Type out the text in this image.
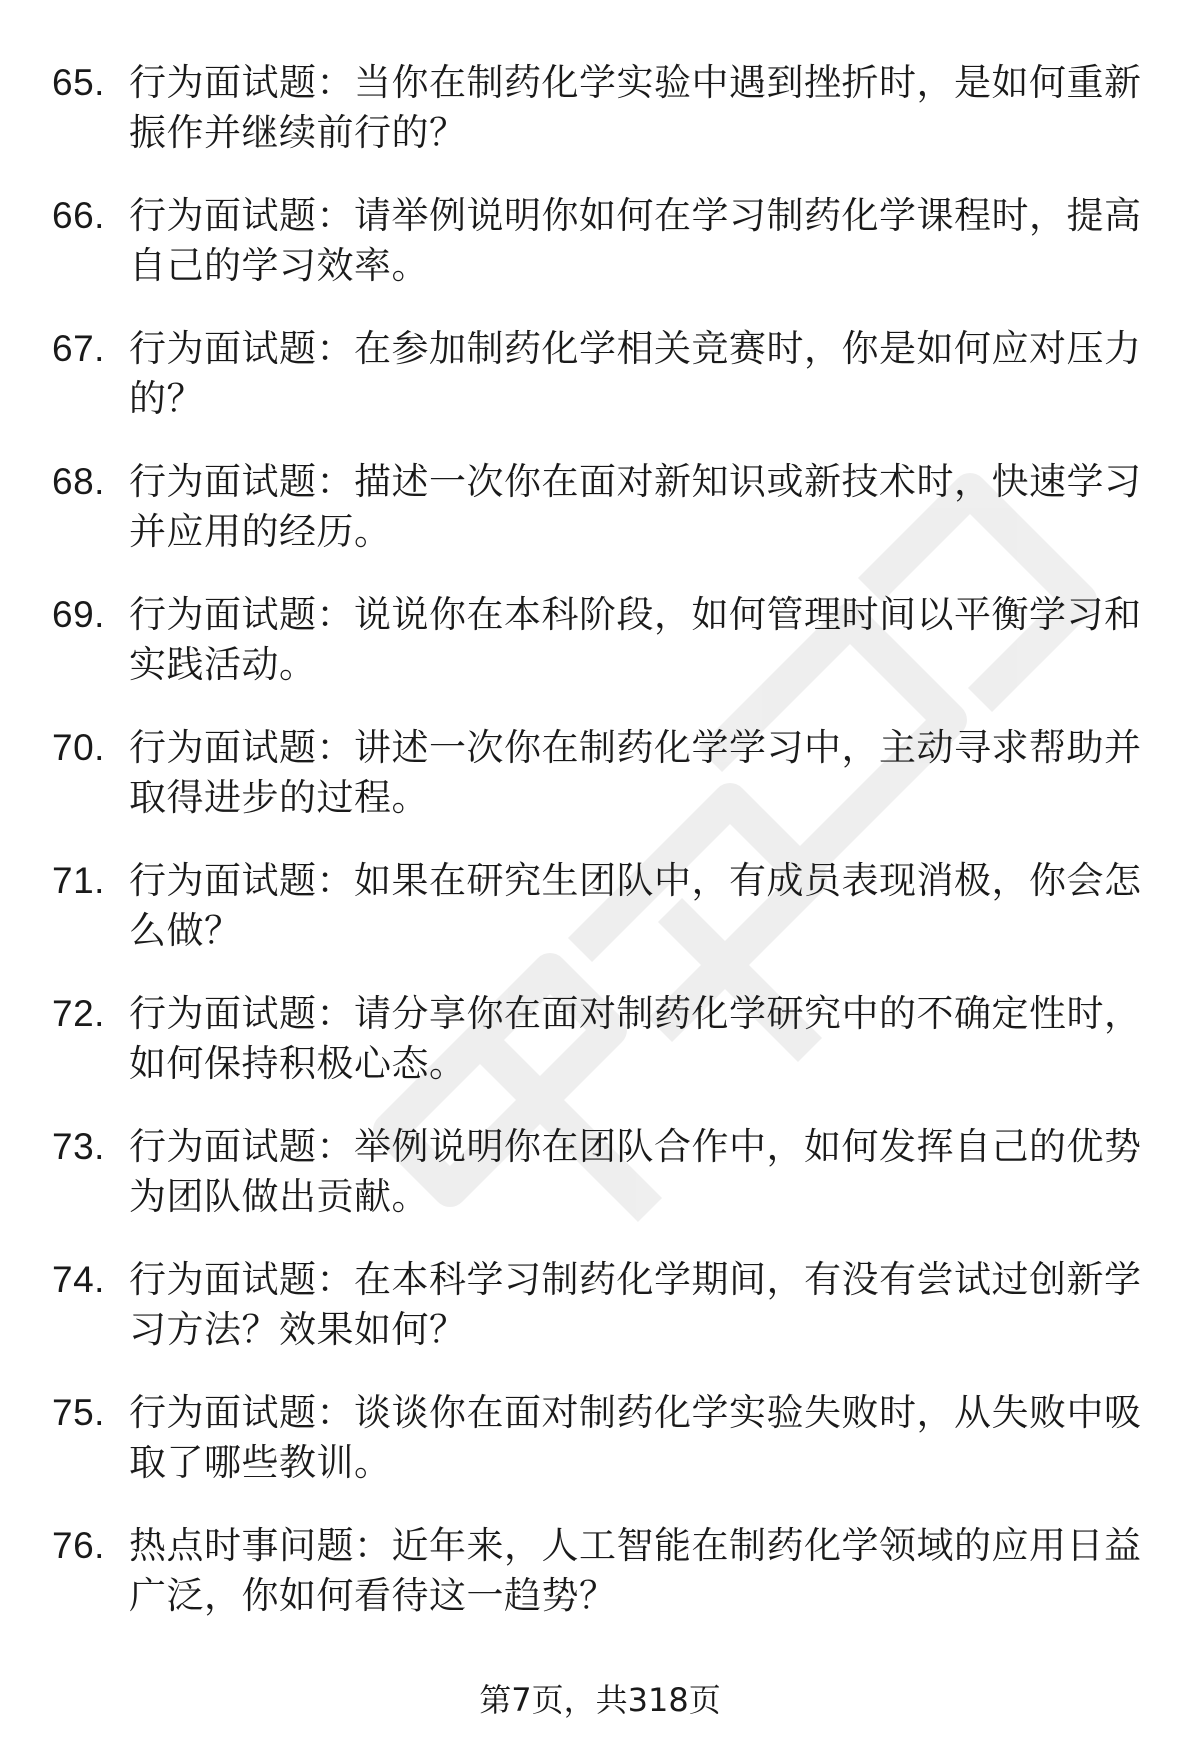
65. 行为面试题：当你在制药化学实验中遇到挫折时，是如何重新振作并继续前行的？
66. 行为面试题：请举例说明你如何在学习制药化学课程时，提高自己的学习效率。
67. 行为面试题：在参加制药化学相关竞赛时，你是如何应对压力的？
68. 行为面试题：描述一次你在面对新知识或新技术时，快速学习并应用的经历。
69. 行为面试题：说说你在本科阶段，如何管理时间以平衡学习和实践活动。
70. 行为面试题：讲述一次你在制药化学学习中，主动寻求帮助并取得进步的过程。
71. 行为面试题：如果在研究生团队中，有成员表现消极，你会怎么做？
72. 行为面试题：请分享你在面对制药化学研究中的不确定性时，如何保持积极心态。
73. 行为面试题：举例说明你在团队合作中，如何发挥自己的优势为团队做出贡献。
74. 行为面试题：在本科学习制药化学期间，有没有尝试过创新学习方法？效果如何？
75. 行为面试题：谈谈你在面对制药化学实验失败时，从失败中吸取了哪些教训。
76. 热点时事问题：近年来，人工智能在制药化学领域的应用日益广泛，你如何看待这一趋势？
第7页，共318页
